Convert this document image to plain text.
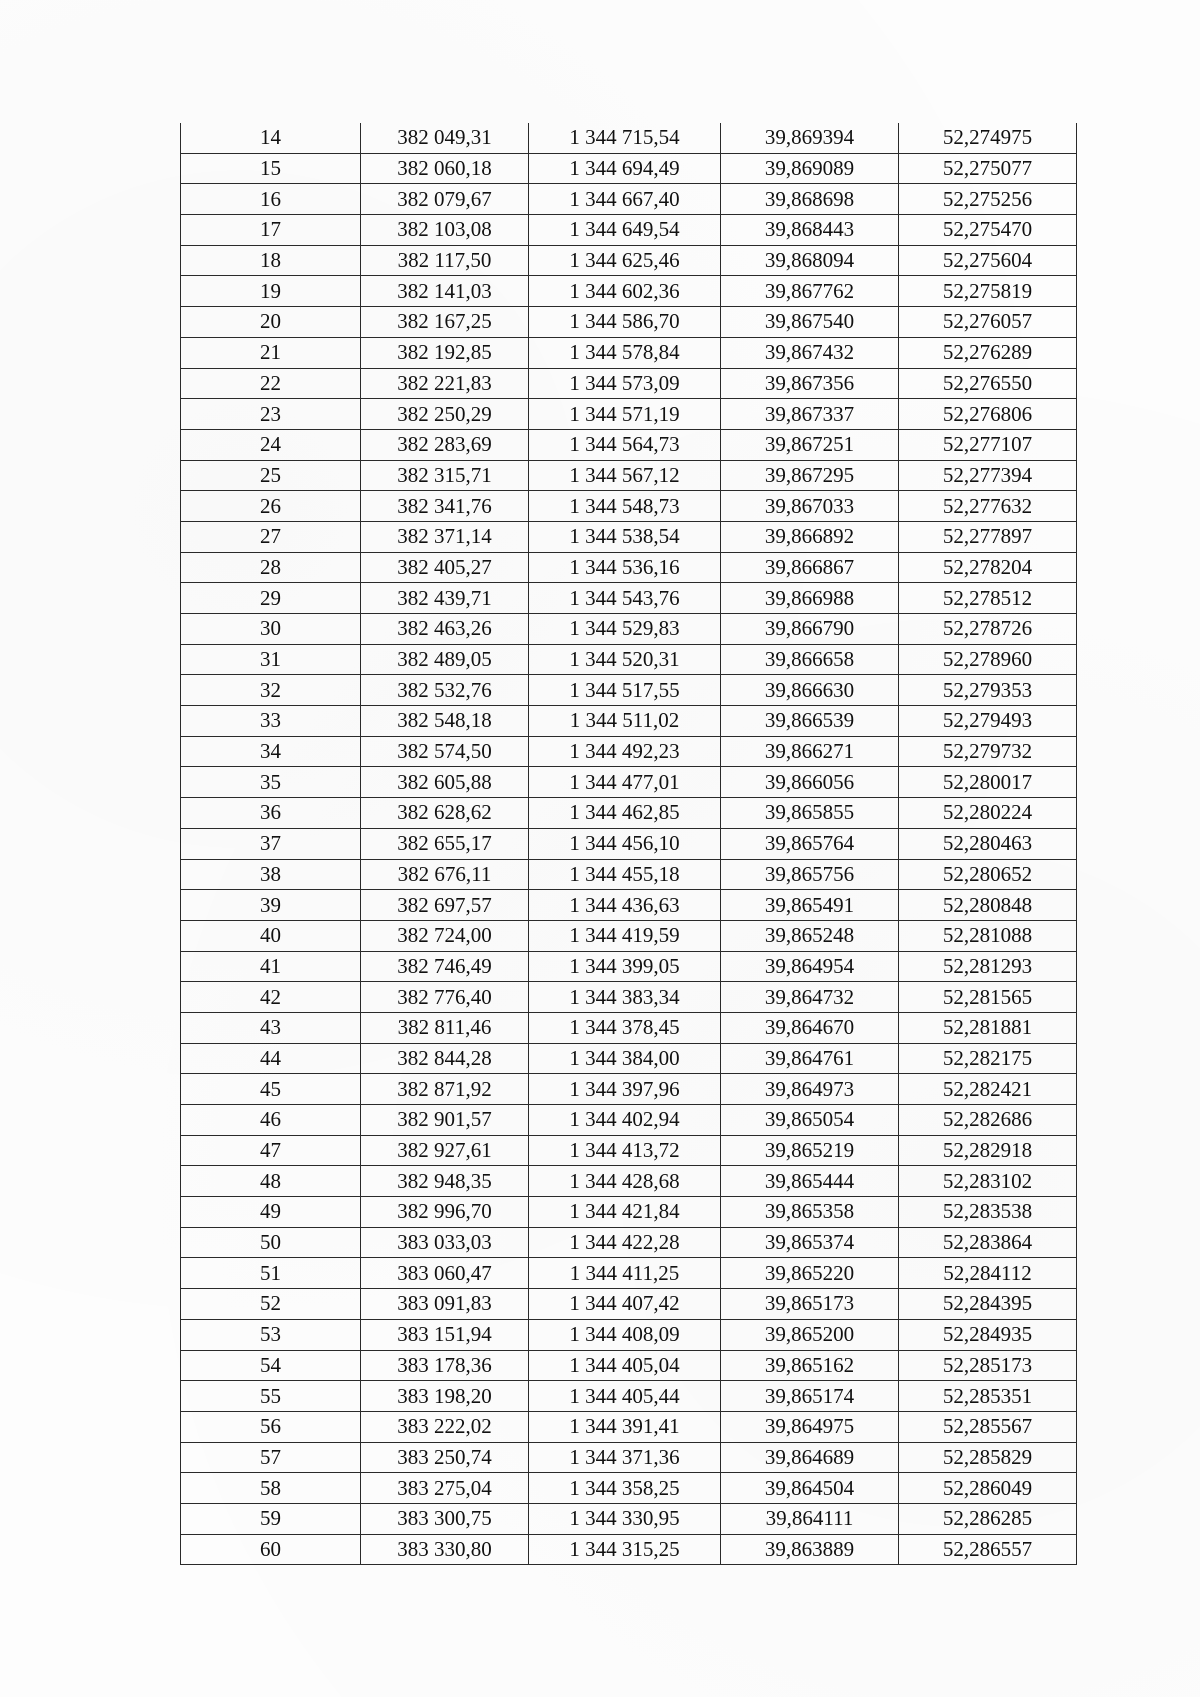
14	382 049,31	1 344 715,54	39,869394	52,274975
15	382 060,18	1 344 694,49	39,869089	52,275077
16	382 079,67	1 344 667,40	39,868698	52,275256
17	382 103,08	1 344 649,54	39,868443	52,275470
18	382 117,50	1 344 625,46	39,868094	52,275604
19	382 141,03	1 344 602,36	39,867762	52,275819
20	382 167,25	1 344 586,70	39,867540	52,276057
21	382 192,85	1 344 578,84	39,867432	52,276289
22	382 221,83	1 344 573,09	39,867356	52,276550
23	382 250,29	1 344 571,19	39,867337	52,276806
24	382 283,69	1 344 564,73	39,867251	52,277107
25	382 315,71	1 344 567,12	39,867295	52,277394
26	382 341,76	1 344 548,73	39,867033	52,277632
27	382 371,14	1 344 538,54	39,866892	52,277897
28	382 405,27	1 344 536,16	39,866867	52,278204
29	382 439,71	1 344 543,76	39,866988	52,278512
30	382 463,26	1 344 529,83	39,866790	52,278726
31	382 489,05	1 344 520,31	39,866658	52,278960
32	382 532,76	1 344 517,55	39,866630	52,279353
33	382 548,18	1 344 511,02	39,866539	52,279493
34	382 574,50	1 344 492,23	39,866271	52,279732
35	382 605,88	1 344 477,01	39,866056	52,280017
36	382 628,62	1 344 462,85	39,865855	52,280224
37	382 655,17	1 344 456,10	39,865764	52,280463
38	382 676,11	1 344 455,18	39,865756	52,280652
39	382 697,57	1 344 436,63	39,865491	52,280848
40	382 724,00	1 344 419,59	39,865248	52,281088
41	382 746,49	1 344 399,05	39,864954	52,281293
42	382 776,40	1 344 383,34	39,864732	52,281565
43	382 811,46	1 344 378,45	39,864670	52,281881
44	382 844,28	1 344 384,00	39,864761	52,282175
45	382 871,92	1 344 397,96	39,864973	52,282421
46	382 901,57	1 344 402,94	39,865054	52,282686
47	382 927,61	1 344 413,72	39,865219	52,282918
48	382 948,35	1 344 428,68	39,865444	52,283102
49	382 996,70	1 344 421,84	39,865358	52,283538
50	383 033,03	1 344 422,28	39,865374	52,283864
51	383 060,47	1 344 411,25	39,865220	52,284112
52	383 091,83	1 344 407,42	39,865173	52,284395
53	383 151,94	1 344 408,09	39,865200	52,284935
54	383 178,36	1 344 405,04	39,865162	52,285173
55	383 198,20	1 344 405,44	39,865174	52,285351
56	383 222,02	1 344 391,41	39,864975	52,285567
57	383 250,74	1 344 371,36	39,864689	52,285829
58	383 275,04	1 344 358,25	39,864504	52,286049
59	383 300,75	1 344 330,95	39,864111	52,286285
60	383 330,80	1 344 315,25	39,863889	52,286557
